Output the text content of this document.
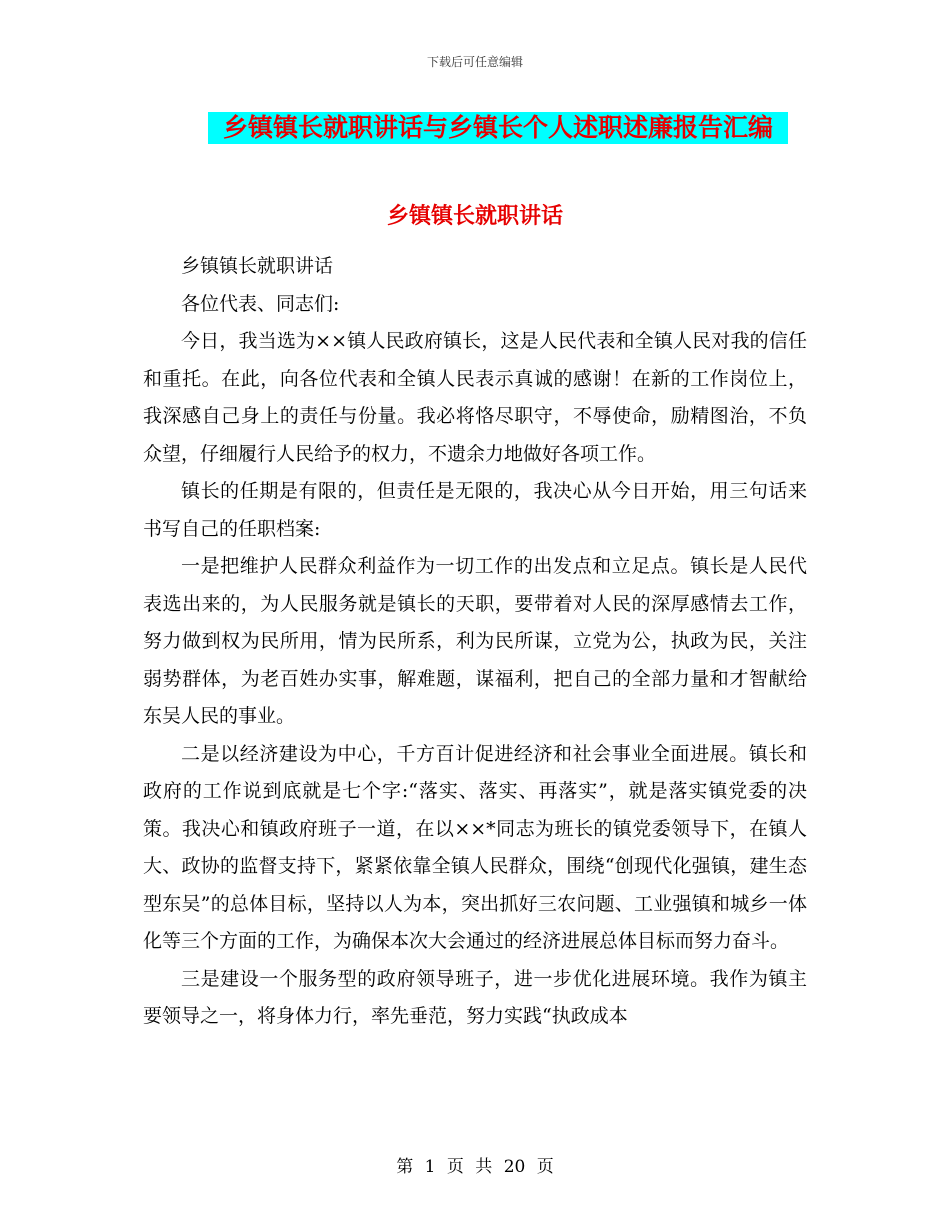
下载后可任意编辑
乡镇镇长就职讲话与乡镇长个人述职述廉报告汇编
乡镇镇长就职讲话

乡镇镇长就职讲话

各位代表、同志们:

今日，我当选为××镇人民政府镇长，这是人民代表和全镇人民对我的信任和重托。在此，向各位代表和全镇人民表示真诚的感谢！在新的工作岗位上，我深感自己身上的责任与份量。我必将恪尽职守，不辱使命，励精图治，不负众望，仔细履行人民给予的权力，不遗余力地做好各项工作。

镇长的任期是有限的，但责任是无限的，我决心从今日开始，用三句话来书写自己的任职档案:

一是把维护人民群众利益作为一切工作的出发点和立足点。镇长是人民代表选出来的，为人民服务就是镇长的天职，要带着对人民的深厚感情去工作，努力做到权为民所用，情为民所系，利为民所谋，立党为公，执政为民，关注弱势群体，为老百姓办实事，解难题，谋福利，把自己的全部力量和才智献给东吴人民的事业。

二是以经济建设为中心，千方百计促进经济和社会事业全面进展。镇长和政府的工作说到底就是七个字:“落实、落实、再落实”，就是落实镇党委的决策。我决心和镇政府班子一道，在以××*同志为班长的镇党委领导下，在镇人大、政协的监督支持下，紧紧依靠全镇人民群众，围绕“创现代化强镇，建生态型东吴”的总体目标，坚持以人为本，突出抓好三农问题、工业强镇和城乡一体化等三个方面的工作，为确保本次大会通过的经济进展总体目标而努力奋斗。

三是建设一个服务型的政府领导班子，进一步优化进展环境。我作为镇主要领导之一，将身体力行，率先垂范，努力实践“执政成本

第 1 页 共 20 页
